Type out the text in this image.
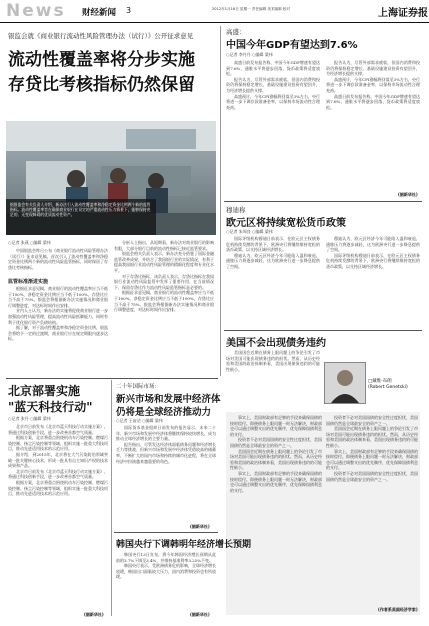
News 财经新闻 3	2012年1月16日 星期一 责任编辑 美术编辑 校对	上海证券报
银监会就《商业银行流动性风险管理办法（试行）》公开征求意见
流动性覆盖率将分步实施
存贷比考核指标仍然保留
据银监会有关负责人介绍，新办法引入流动性覆盖率和净稳定资金比例两个新的监管指标。流动性覆盖率旨在确保商业银行在设定的严重流动性压力情景下，能够保持充足的、无变现障碍的优质流动性资产。
○记者 张燕 ○编辑 梁伟

中国银监会昨日公布《商业银行流动性风险管理办法（试行）》征求意见稿，首次引入了流动性覆盖率和净稳定资金比例两个新的流动性风险监管指标，同时保留了存贷比考核指标。

监管标准渐进实施

根据征求意见稿，商业银行的流动性覆盖率应当不低于100%，净稳定资金比例应当不低于100%，存贷比应当不高于75%。银监会将根据新办法实施情况和商业银行调整进度，对达标时间作出安排。

业内人士认为，新办法的实施将促使商业银行进一步加强流动性风险管理，提高流动性风险抵御能力，同时有利于优化银行资产负债结构。

据了解，对于流动性覆盖率和净稳定资金比例，银监会将给予一定的过渡期，商业银行应在规定期限内逐步达标。

分析人士指出，从短期看，新办法对商业银行的影响有限，大部分银行目前的流动性指标已接近监管要求。

银监会相关负责人表示，新办法充分借鉴了国际金融监管改革成果，并结合了我国银行业的实际情况，有利于提高我国银行业流动性风险管理的精细化程度和专业化水平。

对于存贷比指标，该负责人表示，存贷比指标在我国银行业流动性风险监管中发挥了重要作用，在当前情况下，保留存贷比作为流动性风险监管指标是必要的。

根据征求意见稿，商业银行的流动性覆盖率应当不低于100%，净稳定资金比例应当不低于100%，存贷比应当不高于75%。银监会将根据新办法实施情况和商业银行调整进度，对达标时间作出安排。

高盛：
中国今年GDP有望达到7.6%
○记者 李丹丹 ○编辑 梁伟

高盛日前发布报告称，中国今年GDP增速有望达到7.6%，通胀水平将逐步回落，货币政策将适度放松。

报告认为，尽管外部需求疲软，但国内消费和投资仍将保持稳定增长，基础设施建设投资有望回升，为经济增长提供支撑。

高盛预计，今年CPI涨幅将回落至3%左右，央行将进一步下调存款准备金率，以保持市场流动性合理充裕。

报告认为，尽管外部需求疲软，但国内消费和投资仍将保持稳定增长，基础设施建设投资有望回升，为经济增长提供支撑。

高盛预计，今年CPI涨幅将回落至3%左右，央行将进一步下调存款准备金率，以保持市场流动性合理充裕。

高盛日前发布报告称，中国今年GDP增速有望达到7.6%，通胀水平将逐步回落，货币政策将适度放松。

(据新华社)
穆迪称
欧元区将持续宽松货币政策
○记者 朱周良 ○编辑 梁伟

国际评级机构穆迪日前表示，在欧元区主权债务危机持续发酵的背景下，欧洲央行将继续维持宽松的货币政策，以支持区域经济增长。

穆迪认为，欧元区经济今年可能陷入温和衰退，通胀压力将逐步减轻，这为欧洲央行进一步降息提供了空间。

穆迪认为，欧元区经济今年可能陷入温和衰退，通胀压力将逐步减轻，这为欧洲央行进一步降息提供了空间。

国际评级机构穆迪日前表示，在欧元区主权债务危机持续发酵的背景下，欧洲央行将继续维持宽松的货币政策，以支持区域经济增长。

美国不会出现债务违约

美国国会近期在债务上限问题上的争论引发了市场对美国可能出现债务违约的担忧。然而，从历史经验和美国的政治体制来看，美国出现债务违约的可能性极小。

□戴维·布朗
(Robert Genetski)

事实上，美国财政部有足够的手段来确保国债的按时偿付。即便债务上限问题一时无法解决，财政部也可以通过调整支出的优先顺序，优先保障国债利息的支付。

投资者不必对美国国债的安全性过度担忧，美国国债仍然是全球最安全的资产之一。

美国国会近期在债务上限问题上的争论引发了市场对美国可能出现债务违约的担忧。然而，从历史经验和美国的政治体制来看，美国出现债务违约的可能性极小。

事实上，美国财政部有足够的手段来确保国债的按时偿付。即便债务上限问题一时无法解决，财政部也可以通过调整支出的优先顺序，优先保障国债利息的支付。

投资者不必对美国国债的安全性过度担忧，美国国债仍然是全球最安全的资产之一。

美国国会近期在债务上限问题上的争论引发了市场对美国可能出现债务违约的担忧。然而，从历史经验和美国的政治体制来看，美国出现债务违约的可能性极小。

事实上，美国财政部有足够的手段来确保国债的按时偿付。即便债务上限问题一时无法解决，财政部也可以通过调整支出的优先顺序，优先保障国债利息的支付。

投资者不必对美国国债的安全性过度担忧，美国国债仍然是全球最安全的资产之一。

(作者系美国经济学家)
北京部署实施
"蓝天科技行动"
○记者 张丹 ○编辑 梁伟

北京市日前发布《北京市蓝天科技行动实施方案》，将通过科技创新手段，进一步改善首都空气质量。

根据方案，北京将重点围绕机动车污染控制、燃煤污染控制、扬尘污染控制等领域，组织实施一批重大科技项目，推动先进适用技术的示范应用。

据介绍，到2015年，北京将在大气污染防治领域突破一批关键核心技术，形成一批具有自主知识产权的技术成果和产品。

北京市日前发布《北京市蓝天科技行动实施方案》，将通过科技创新手段，进一步改善首都空气质量。

根据方案，北京将重点围绕机动车污染控制、燃煤污染控制、扬尘污染控制等领域，组织实施一批重大科技项目，推动先进适用技术的示范应用。

(据新华社)
二十年国际市场：
新兴市场和发展中经济体
仍将是全球经济推动力
○记者 王宙洁 ○编辑 梁伟

国际货币基金组织日前发布的报告显示，未来二十年，新兴市场和发展中经济体将继续保持较快增长，成为推动全球经济增长的主要力量。

报告指出，尽管发达经济体面临债务问题和经济增长乏力等挑战，但新兴市场和发展中经济体凭借较高的储蓄率、不断扩大的国内市场和持续的城市化进程，将在全球经济中扮演越来越重要的角色。

(据新华社)
韩国央行下调韩明年经济增长预期

韩国央行13日宣布，将今年韩国经济增长预期从此前的3.7%下调至3.4%，并维持基准利率3.25%不变。

韩国央行表示，受欧洲债务危机影响，全球经济增长放缓，韩国出口面临较大压力，国内消费和投资也有所放缓。

(据新华社)
